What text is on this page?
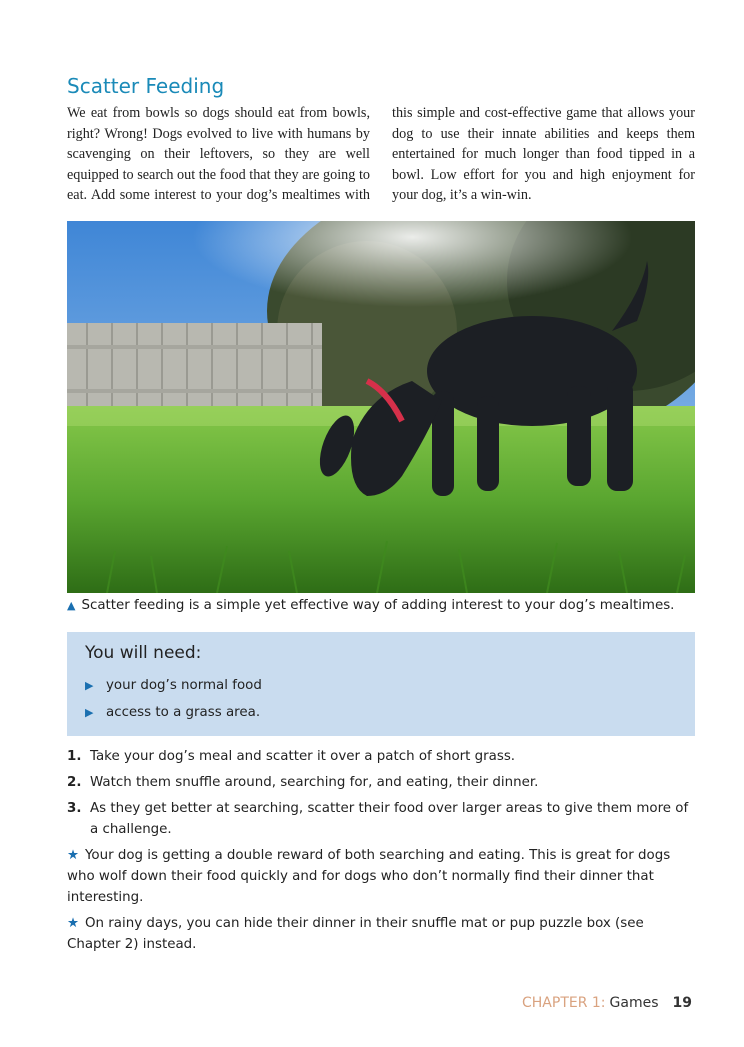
Scatter Feeding

We eat from bowls so dogs should eat from bowls, right? Wrong! Dogs evolved to live with humans by scavenging on their leftovers, so they are well equipped to search out the food that they are going to eat. Add some interest to your dog’s mealtimes with this simple and cost-effective game that allows your dog to use their innate abilities and keeps them entertained for much longer than food tipped in a bowl. Low effort for you and high enjoyment for your dog, it’s a win-win.

▲ Scatter feeding is a simple yet effective way of adding interest to your dog’s mealtimes.
You will need:
▶ your dog’s normal food
▶ access to a grass area.
1. Take your dog’s meal and scatter it over a patch of short grass.
2. Watch them snuffle around, searching for, and eating, their dinner.
3. As they get better at searching, scatter their food over larger areas to give them more of a challenge.

★ Your dog is getting a double reward of both searching and eating. This is great for dogs who wolf down their food quickly and for dogs who don’t normally find their dinner that interesting.

★ On rainy days, you can hide their dinner in their snuffle mat or pup puzzle box (see Chapter 2) instead.

CHAPTER 1: Games 19
